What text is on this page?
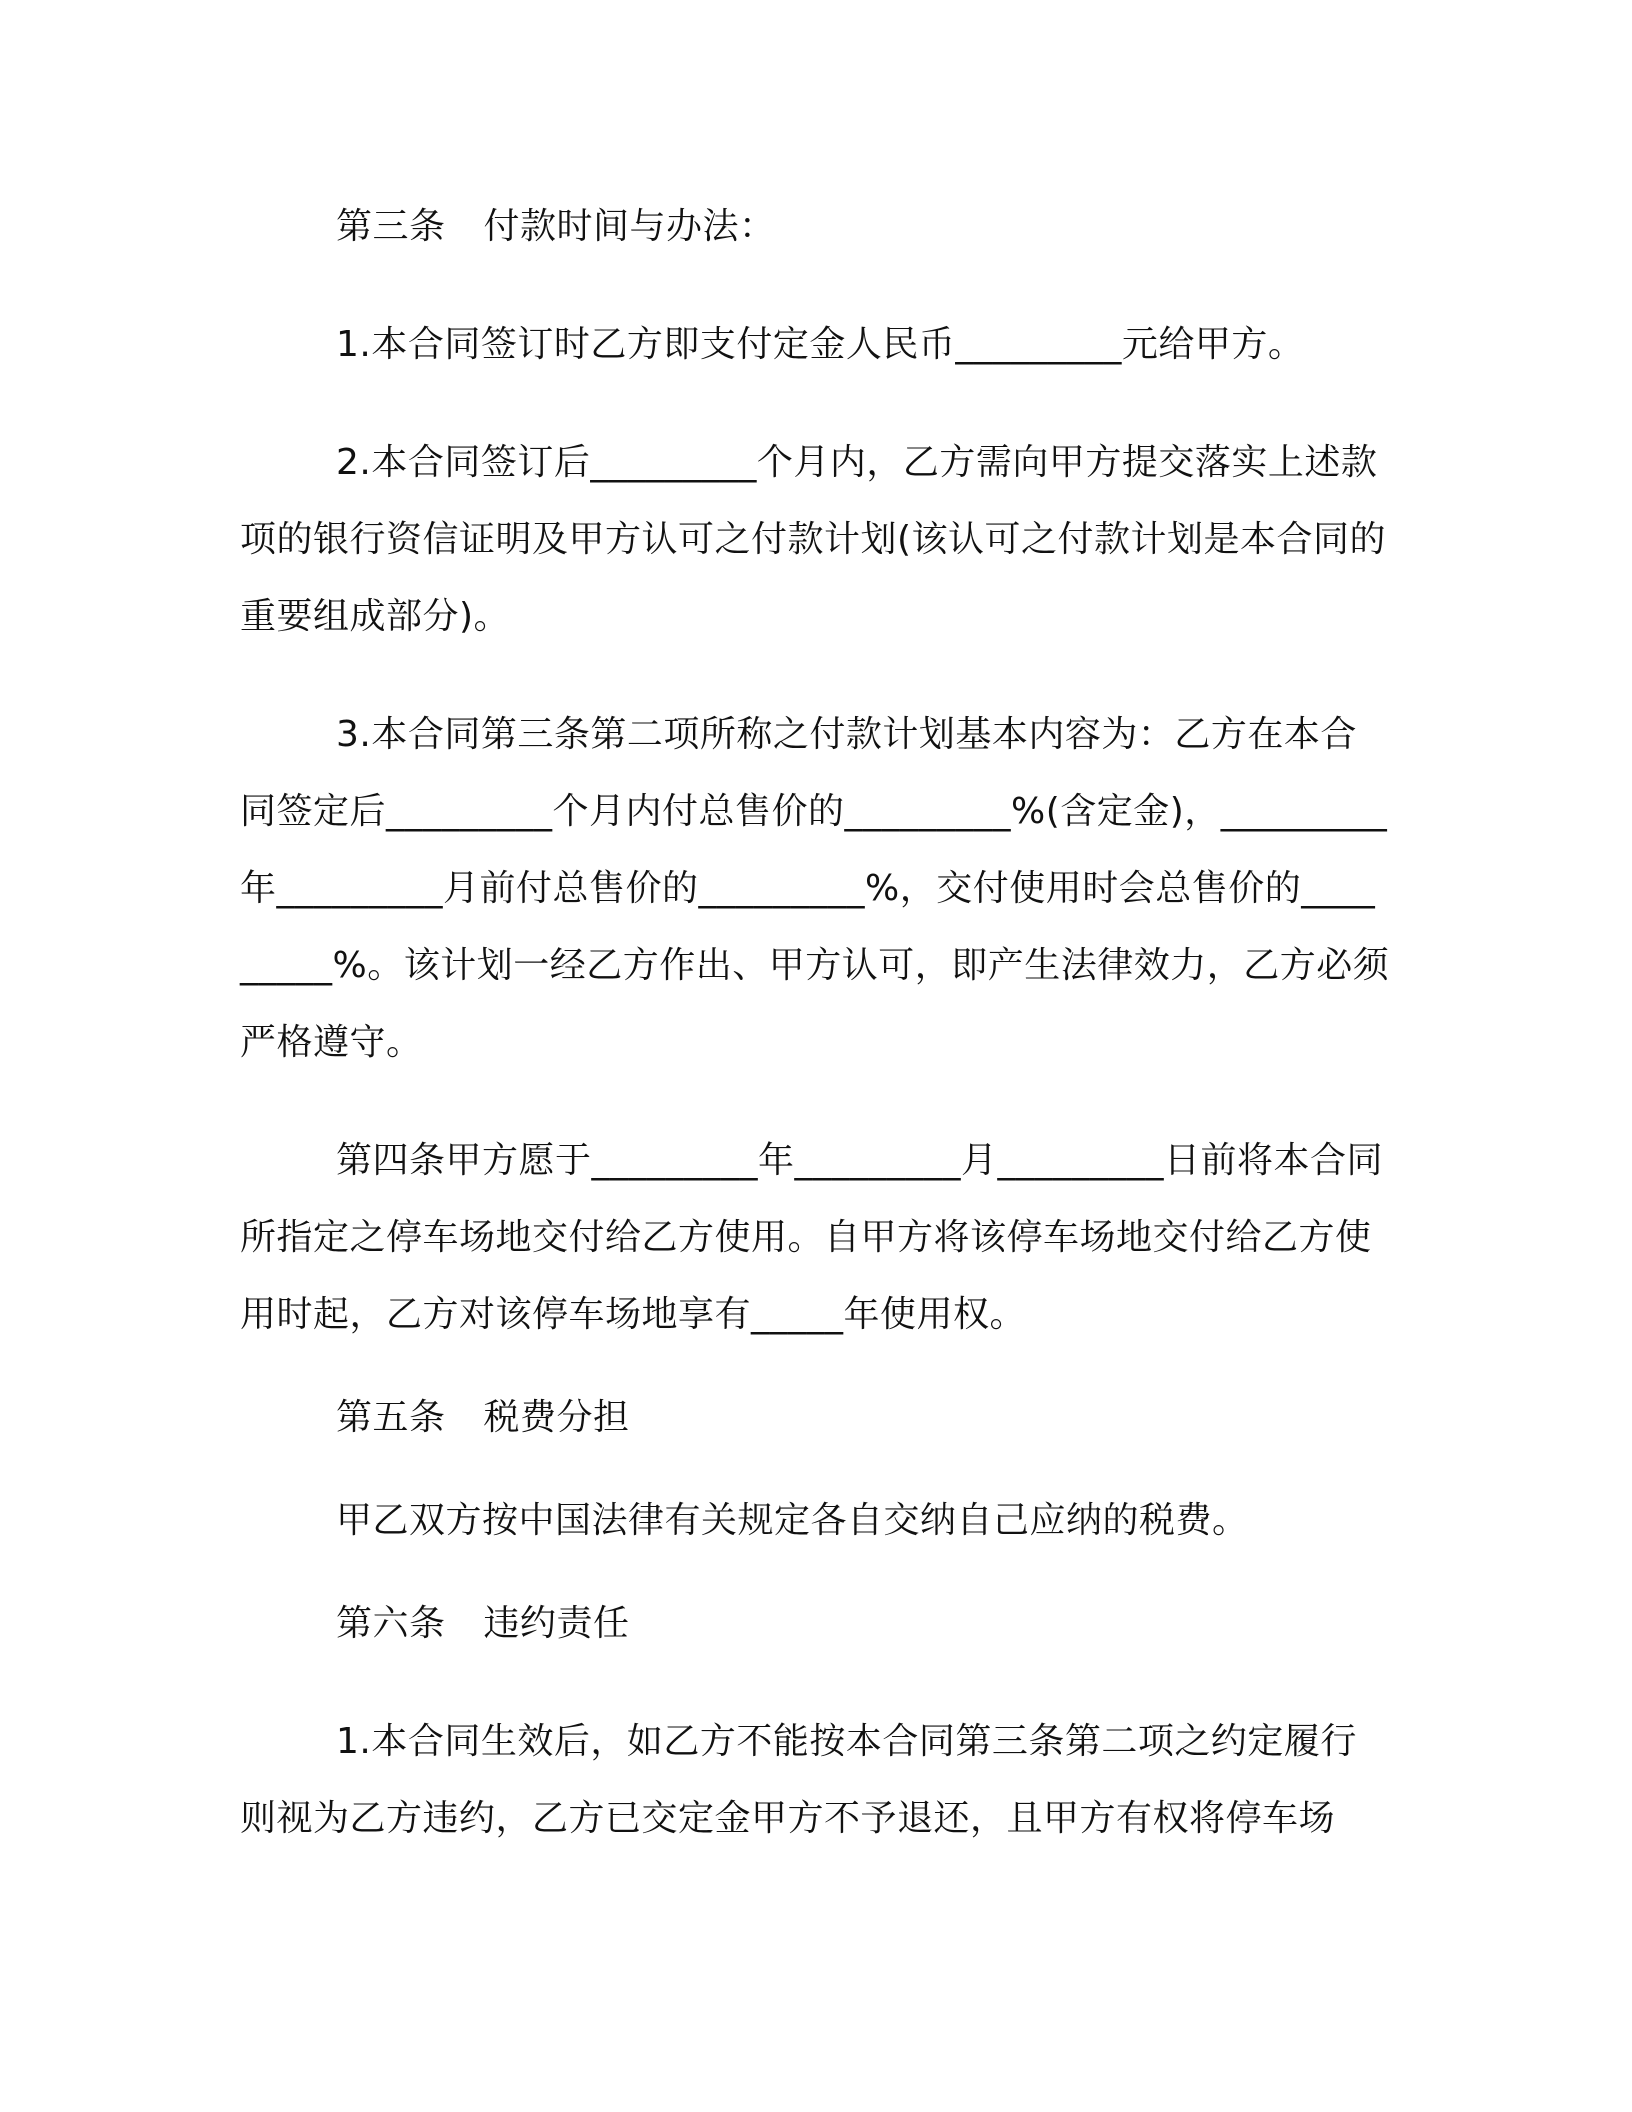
第三条 付款时间与办法：

1.本合同签订时乙方即支付定金人民币_________元给甲方。

2.本合同签订后_________个月内，乙方需向甲方提交落实上述款项的银行资信证明及甲方认可之付款计划(该认可之付款计划是本合同的重要组成部分)。

3.本合同第三条第二项所称之付款计划基本内容为：乙方在本合同签定后_________个月内付总售价的_________%(含定金)，_________年_________月前付总售价的_________%，交付使用时会总售价的_________%。该计划一经乙方作出、甲方认可，即产生法律效力，乙方必须严格遵守。

第四条甲方愿于_________年_________月_________日前将本合同所指定之停车场地交付给乙方使用。自甲方将该停车场地交付给乙方使用时起，乙方对该停车场地享有_____年使用权。

第五条 税费分担

甲乙双方按中国法律有关规定各自交纳自己应纳的税费。

第六条 违约责任

1.本合同生效后，如乙方不能按本合同第三条第二项之约定履行则视为乙方违约，乙方已交定金甲方不予退还，且甲方有权将停车场
